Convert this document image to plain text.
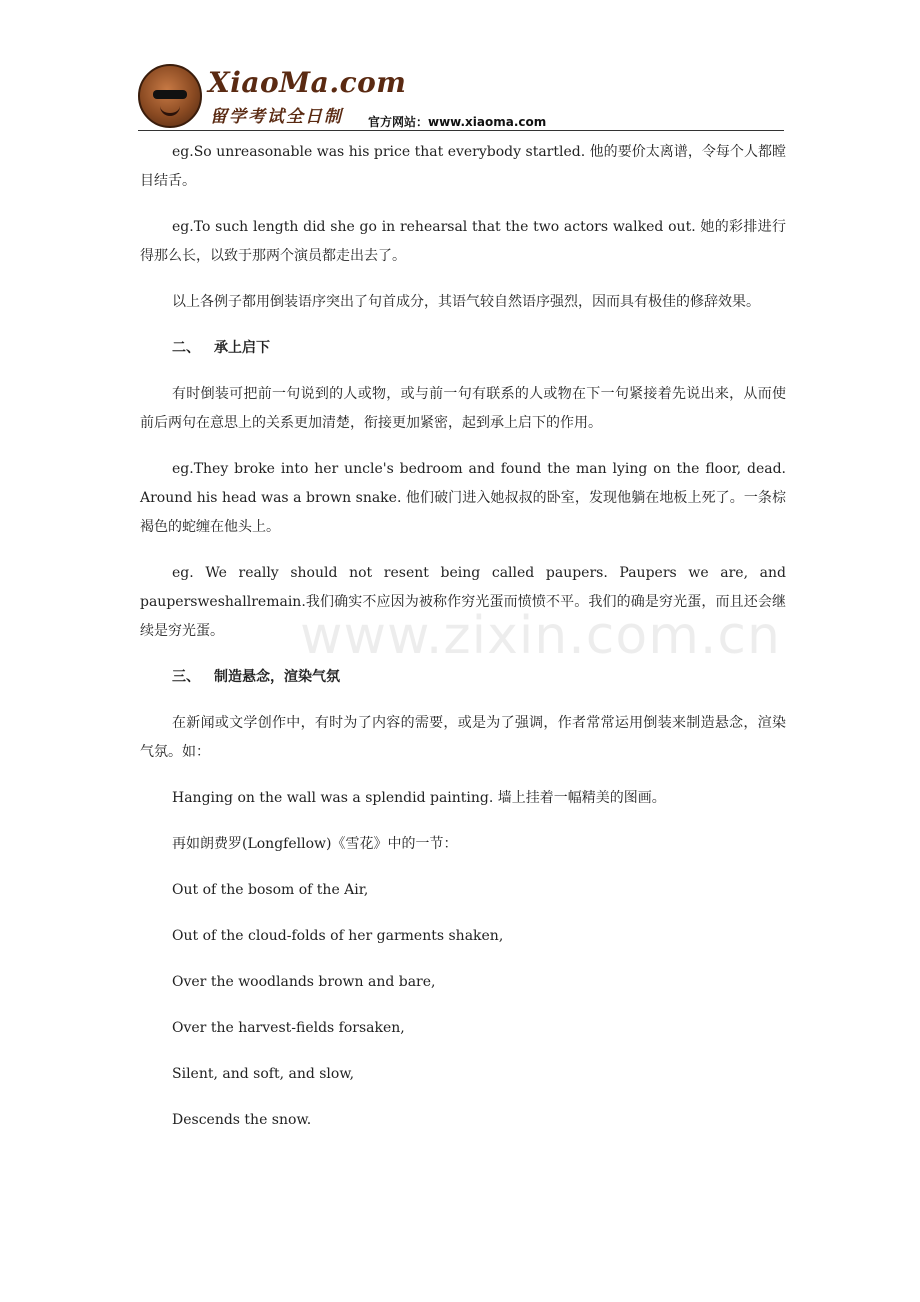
XiaoMa.com
留学考试全日制 官方网站：www.xiaoma.com
www.zixin.com.cn

eg.So unreasonable was his price that everybody startled. 他的要价太离谱，令每个人都瞠目结舌。

eg.To such length did she go in rehearsal that the two actors walked out. 她的彩排进行得那么长，以致于那两个演员都走出去了。

以上各例子都用倒装语序突出了句首成分，其语气较自然语序强烈，因而具有极佳的修辞效果。

二、 承上启下

有时倒装可把前一句说到的人或物，或与前一句有联系的人或物在下一句紧接着先说出来，从而使前后两句在意思上的关系更加清楚，衔接更加紧密，起到承上启下的作用。

eg.They broke into her uncle's bedroom and found the man lying on the floor, dead. Around his head was a brown snake. 他们破门进入她叔叔的卧室，发现他躺在地板上死了。一条棕褐色的蛇缠在他头上。

eg. We really should not resent being called paupers. Paupers we are, and paupersweshallremain.我们确实不应因为被称作穷光蛋而愤愤不平。我们的确是穷光蛋，而且还会继续是穷光蛋。

三、 制造悬念，渲染气氛

在新闻或文学创作中，有时为了内容的需要，或是为了强调，作者常常运用倒装来制造悬念，渲染气氛。如：

Hanging on the wall was a splendid painting. 墙上挂着一幅精美的图画。

再如朗费罗(Longfellow)《雪花》中的一节：

Out of the bosom of the Air,

Out of the cloud-folds of her garments shaken,

Over the woodlands brown and bare,

Over the harvest-fields forsaken,

Silent, and soft, and slow,

Descends the snow.
